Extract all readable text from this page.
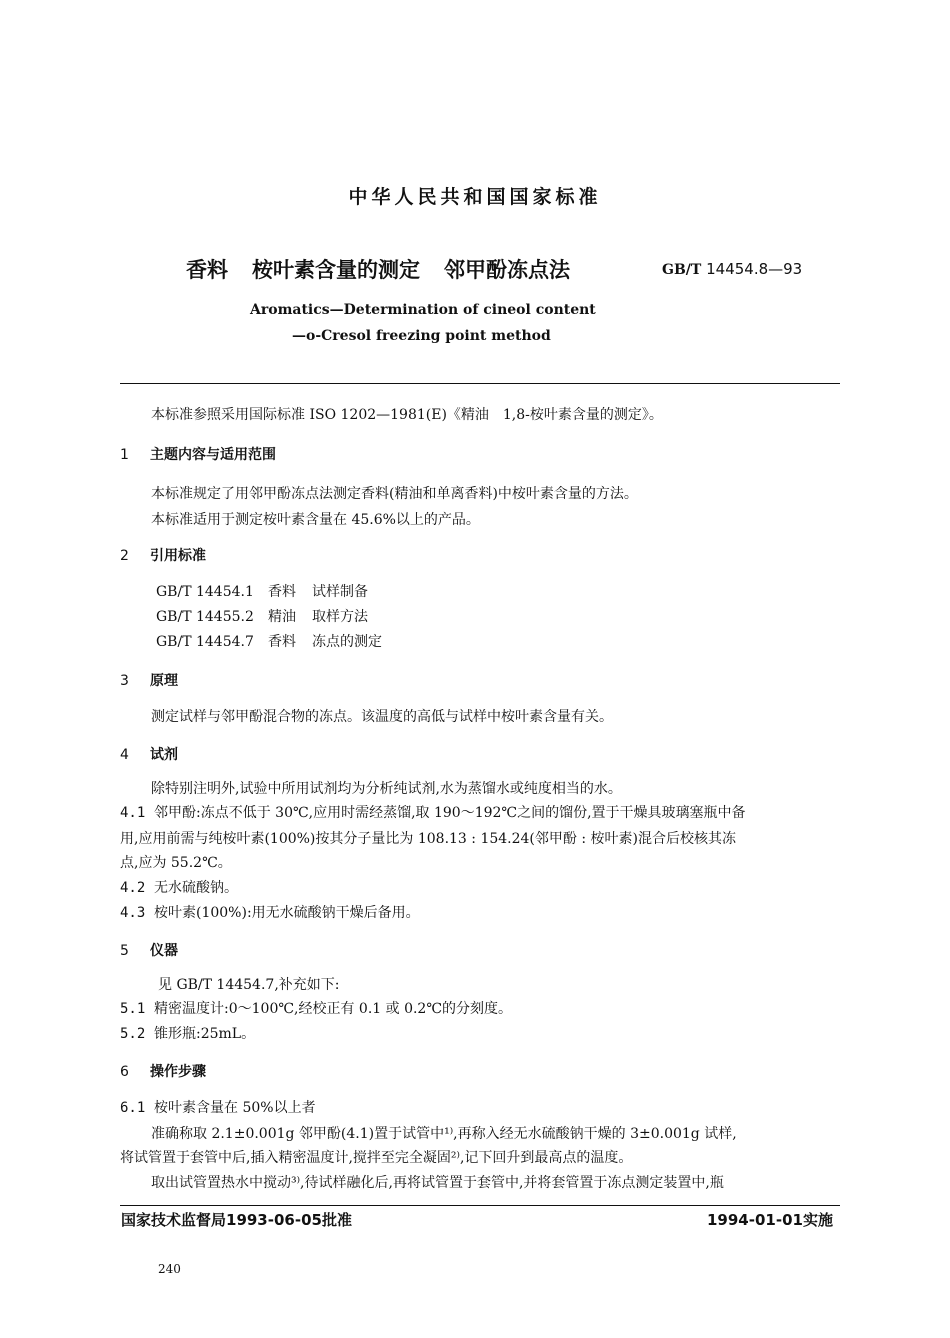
中华人民共和国国家标准
香料 桉叶素含量的测定 邻甲酚冻点法	GB/T 14454.8—93
Aromatics—Determination of cineol content
—o-Cresol freezing point method
本标准参照采用国际标准 ISO 1202—1981(E)《精油　1,8-桉叶素含量的测定》。
1 主题内容与适用范围
本标准规定了用邻甲酚冻点法测定香料(精油和单离香料)中桉叶素含量的方法。
本标准适用于测定桉叶素含量在 45.6%以上的产品。
2 引用标准
GB/T 14454.1 香料 试样制备
GB/T 14455.2 精油 取样方法
GB/T 14454.7 香料 冻点的测定
3 原理
测定试样与邻甲酚混合物的冻点。该温度的高低与试样中桉叶素含量有关。
4 试剂
除特别注明外,试验中所用试剂均为分析纯试剂,水为蒸馏水或纯度相当的水。
4.1 邻甲酚:冻点不低于 30℃,应用时需经蒸馏,取 190～192℃之间的馏份,置于干燥具玻璃塞瓶中备
用,应用前需与纯桉叶素(100%)按其分子量比为 108.13 : 154.24(邻甲酚 : 桉叶素)混合后校核其冻
点,应为 55.2℃。
4.2 无水硫酸钠。
4.3 桉叶素(100%):用无水硫酸钠干燥后备用。
5 仪器
见 GB/T 14454.7,补充如下:
5.1 精密温度计:0～100℃,经校正有 0.1 或 0.2℃的分刻度。
5.2 锥形瓶:25mL。
6 操作步骤
6.1 桉叶素含量在 50%以上者
准确称取 2.1±0.001g 邻甲酚(4.1)置于试管中¹⁾,再称入经无水硫酸钠干燥的 3±0.001g 试样,
将试管置于套管中后,插入精密温度计,搅拌至完全凝固²⁾,记下回升到最高点的温度。
取出试管置热水中搅动³⁾,待试样融化后,再将试管置于套管中,并将套管置于冻点测定装置中,瓶
国家技术监督局1993-06-05批准	1994-01-01实施
240
